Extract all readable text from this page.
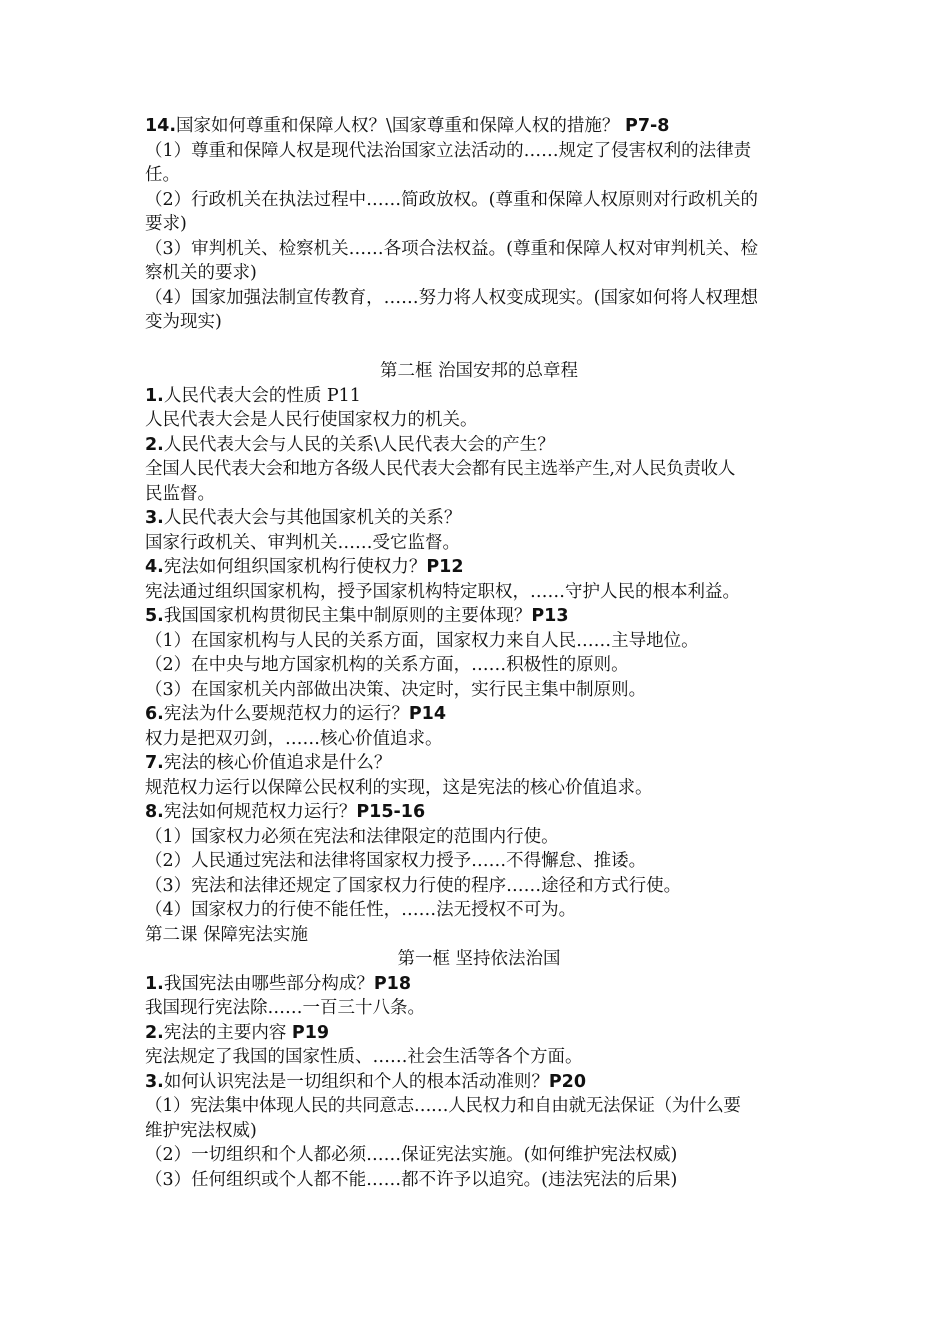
14.国家如何尊重和保障人权？\国家尊重和保障人权的措施？ P7-8

（1）尊重和保障人权是现代法治国家立法活动的……规定了侵害权利的法律责

任。

（2）行政机关在执法过程中……简政放权。(尊重和保障人权原则对行政机关的

要求)

（3）审判机关、检察机关……各项合法权益。(尊重和保障人权对审判机关、检

察机关的要求)

（4）国家加强法制宣传教育，……努力将人权变成现实。(国家如何将人权理想

变为现实)

第二框 治国安邦的总章程

1.人民代表大会的性质 P11

人民代表大会是人民行使国家权力的机关。

2.人民代表大会与人民的关系\人民代表大会的产生？

全国人民代表大会和地方各级人民代表大会都有民主选举产生,对人民负责收人

民监督。

3.人民代表大会与其他国家机关的关系？

国家行政机关、审判机关……受它监督。

4.宪法如何组织国家机构行使权力？P12

宪法通过组织国家机构，授予国家机构特定职权，……守护人民的根本利益。

5.我国国家机构贯彻民主集中制原则的主要体现？P13

（1）在国家机构与人民的关系方面，国家权力来自人民……主导地位。

（2）在中央与地方国家机构的关系方面，……积极性的原则。

（3）在国家机关内部做出决策、决定时，实行民主集中制原则。

6.宪法为什么要规范权力的运行？P14

权力是把双刃剑，……核心价值追求。

7.宪法的核心价值追求是什么？

规范权力运行以保障公民权利的实现，这是宪法的核心价值追求。

8.宪法如何规范权力运行？P15-16

（1）国家权力必须在宪法和法律限定的范围内行使。

（2）人民通过宪法和法律将国家权力授予……不得懈怠、推诿。

（3）宪法和法律还规定了国家权力行使的程序……途径和方式行使。

（4）国家权力的行使不能任性，……法无授权不可为。

第二课 保障宪法实施

第一框 坚持依法治国

1.我国宪法由哪些部分构成？P18

我国现行宪法除……一百三十八条。

2.宪法的主要内容 P19

宪法规定了我国的国家性质、……社会生活等各个方面。

3.如何认识宪法是一切组织和个人的根本活动准则？P20

（1）宪法集中体现人民的共同意志……人民权力和自由就无法保证（为什么要

维护宪法权威)

（2）一切组织和个人都必须……保证宪法实施。(如何维护宪法权威)

（3）任何组织或个人都不能……都不许予以追究。(违法宪法的后果)
